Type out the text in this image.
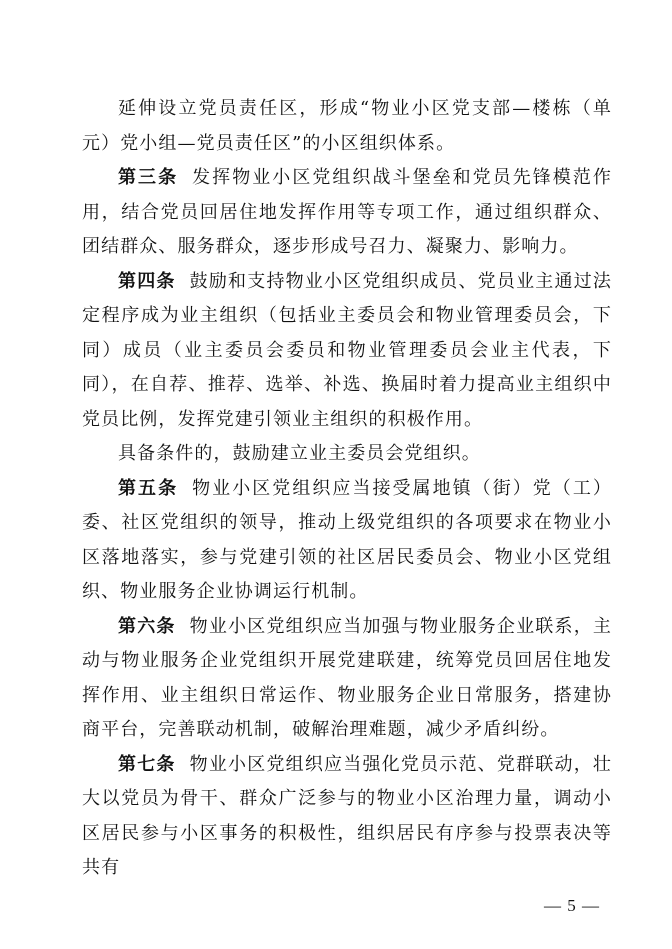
延伸设立党员责任区，形成“物业小区党支部—楼栋（单元）党小组—党员责任区”的小区组织体系。

第三条 发挥物业小区党组织战斗堡垒和党员先锋模范作用，结合党员回居住地发挥作用等专项工作，通过组织群众、团结群众、服务群众，逐步形成号召力、凝聚力、影响力。

第四条 鼓励和支持物业小区党组织成员、党员业主通过法定程序成为业主组织（包括业主委员会和物业管理委员会，下同）成员（业主委员会委员和物业管理委员会业主代表，下同），在自荐、推荐、选举、补选、换届时着力提高业主组织中党员比例，发挥党建引领业主组织的积极作用。

具备条件的，鼓励建立业主委员会党组织。

第五条 物业小区党组织应当接受属地镇（街）党（工）委、社区党组织的领导，推动上级党组织的各项要求在物业小区落地落实，参与党建引领的社区居民委员会、物业小区党组织、物业服务企业协调运行机制。

第六条 物业小区党组织应当加强与物业服务企业联系，主动与物业服务企业党组织开展党建联建，统筹党员回居住地发挥作用、业主组织日常运作、物业服务企业日常服务，搭建协商平台，完善联动机制，破解治理难题，减少矛盾纠纷。

第七条 物业小区党组织应当强化党员示范、党群联动，壮大以党员为骨干、群众广泛参与的物业小区治理力量，调动小区居民参与小区事务的积极性，组织居民有序参与投票表决等共有

— 5 —
